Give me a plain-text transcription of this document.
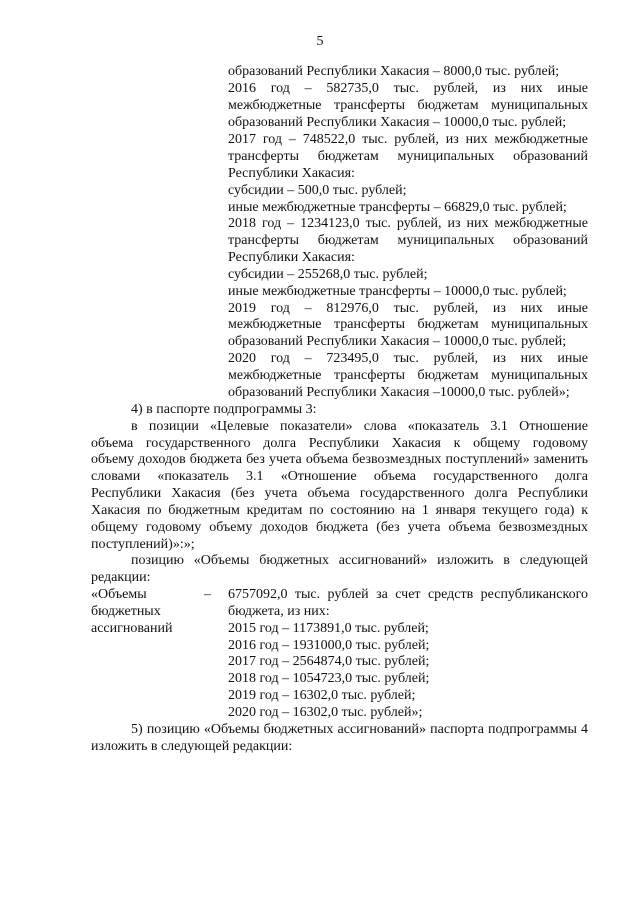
5
образований Республики Хакасия – 8000,0 тыс. рублей;
2016 год – 582735,0 тыс. рублей, из них иные
межбюджетные трансферты бюджетам муниципальных
образований Республики Хакасия – 10000,0 тыс. рублей;
2017 год – 748522,0 тыс. рублей, из них межбюджетные
трансферты бюджетам муниципальных образований
Республики Хакасия:
субсидии – 500,0 тыс. рублей;
иные межбюджетные трансферты – 66829,0 тыс. рублей;
2018 год – 1234123,0 тыс. рублей, из них межбюджетные
трансферты бюджетам муниципальных образований
Республики Хакасия:
субсидии – 255268,0 тыс. рублей;
иные межбюджетные трансферты – 10000,0 тыс. рублей;
2019 год – 812976,0 тыс. рублей, из них иные
межбюджетные трансферты бюджетам муниципальных
образований Республики Хакасия – 10000,0 тыс. рублей;
2020 год – 723495,0 тыс. рублей, из них иные
межбюджетные трансферты бюджетам муниципальных
образований Республики Хакасия –10000,0 тыс. рублей»;
4) в паспорте подпрограммы 3:
в позиции «Целевые показатели» слова «показатель 3.1 Отношение
объема государственного долга Республики Хакасия к общему годовому
объему доходов бюджета без учета объема безвозмездных поступлений» заменить
словами «показатель 3.1 «Отношение объема государственного долга
Республики Хакасия (без учета объема государственного долга Республики
Хакасия по бюджетным кредитам по состоянию на 1 января текущего года) к
общему годовому объему доходов бюджета (без учета объема безвозмездных
поступлений)»:»;
позицию «Объемы бюджетных ассигнований» изложить в следующей
редакции:
«Объемы
бюджетных
ассигнований
– 6757092,0 тыс. рублей за счет средств республиканского
бюджета, из них:
2015 год – 1173891,0 тыс. рублей;
2016 год – 1931000,0 тыс. рублей;
2017 год – 2564874,0 тыс. рублей;
2018 год – 1054723,0 тыс. рублей;
2019 год – 16302,0 тыс. рублей;
2020 год – 16302,0 тыс. рублей»;
5) позицию «Объемы бюджетных ассигнований» паспорта подпрограммы 4
изложить в следующей редакции:
